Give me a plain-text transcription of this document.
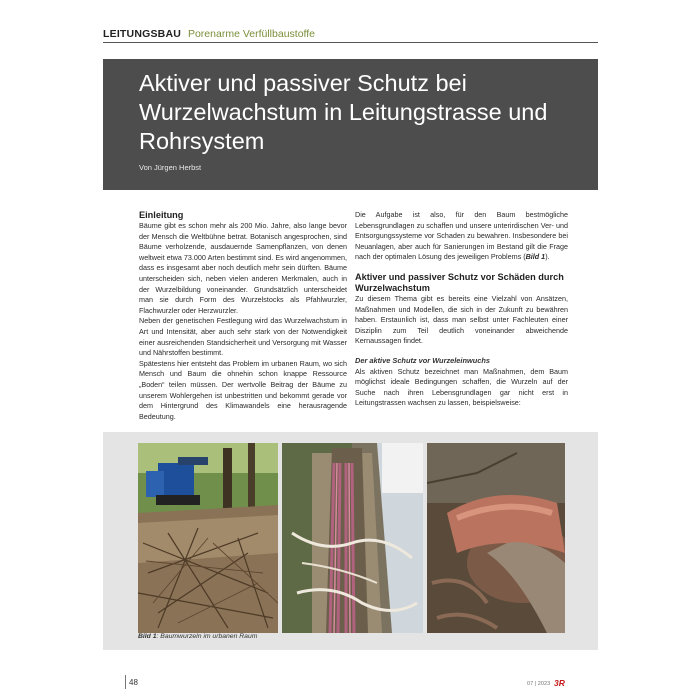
LEITUNGSBAU Porenarme Verfüllbaustoffe
Aktiver und passiver Schutz bei Wurzelwachstum in Leitungstrasse und Rohrsystem
Von Jürgen Herbst
Einleitung

Bäume gibt es schon mehr als 200 Mio. Jahre, also lange bevor der Mensch die Weltbühne betrat. Botanisch angesprochen, sind Bäume verholzende, ausdauernde Samenpflanzen, von denen weltweit etwa 73.000 Arten bestimmt sind. Es wird angenommen, dass es insgesamt aber noch deutlich mehr sein dürften. Bäume unterscheiden sich, neben vielen anderen Merkmalen, auch in der Wurzelbildung voneinander. Grundsätzlich unterscheidet man sie durch Form des Wurzelstocks als Pfahlwurzler, Flachwurzler oder Herzwurzler.

Neben der genetischen Festlegung wird das Wurzelwachstum in Art und Intensität, aber auch sehr stark von der Notwendigkeit einer ausreichenden Standsicherheit und Versorgung mit Wasser und Nährstoffen bestimmt.

Spätestens hier entsteht das Problem im urbanen Raum, wo sich Mensch und Baum die ohnehin schon knappe Ressource „Boden“ teilen müssen. Der wertvolle Beitrag der Bäume zu unserem Wohlergehen ist unbestritten und bekommt gerade vor dem Hintergrund des Klimawandels eine herausragende Bedeutung.

Die Aufgabe ist also, für den Baum bestmögliche Lebensgrundlagen zu schaffen und unsere unterirdischen Ver- und Entsorgungssysteme vor Schaden zu bewahren. Insbesondere bei Neuanlagen, aber auch für Sanierungen im Bestand gilt die Frage nach der optimalen Lösung des jeweiligen Problems (Bild 1).

Aktiver und passiver Schutz vor Schäden durch Wurzelwachstum

Zu diesem Thema gibt es bereits eine Vielzahl von Ansätzen, Maßnahmen und Modellen, die sich in der Zukunft zu bewähren haben. Erstaunlich ist, dass man selbst unter Fachleuten einer Disziplin zum Teil deutlich voneinander abweichende Kernaussagen findet.

Der aktive Schutz vor Wurzeleinwuchs

Als aktiven Schutz bezeichnet man Maßnahmen, dem Baum möglichst ideale Bedingungen schaffen, die Wurzeln auf der Suche nach ihren Lebensgrundlagen gar nicht erst in Leitungstrassen wachsen zu lassen, beispielsweise:

Bild 1: Baumwurzeln im urbanen Raum
48	07 | 2023 3R
